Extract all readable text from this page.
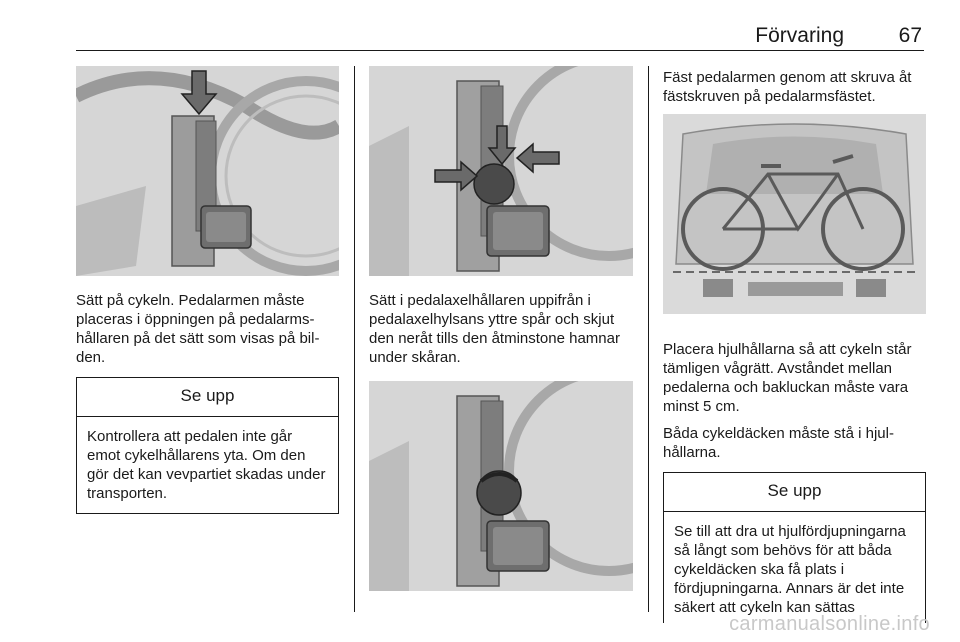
Förvaring	67

Sätt på cykeln. Pedalarmen måste placeras i öppningen på pedalarmshållaren på det sätt som visas på bilden.

Se upp
Kontrollera att pedalen inte går emot cykelhållarens yta. Om den gör det kan vevpartiet skadas under transporten.

Sätt i pedalaxelhållaren uppifrån i pedalaxelhylsans yttre spår och skjut den neråt tills den åtminstone hamnar under skåran.

Fäst pedalarmen genom att skruva åt fästskruven på pedalarmsfästet.

Placera hjulhållarna så att cykeln står tämligen vågrätt. Avståndet mellan pedalerna och bakluckan måste vara minst 5 cm.

Båda cykeldäcken måste stå i hjulhållarna.

Se upp
Se till att dra ut hjulfördjupningarna så långt som behövs för att båda cykeldäcken ska få plats i fördjupningarna. Annars är det inte säkert att cykeln kan sättas
carmanualsonline.info
